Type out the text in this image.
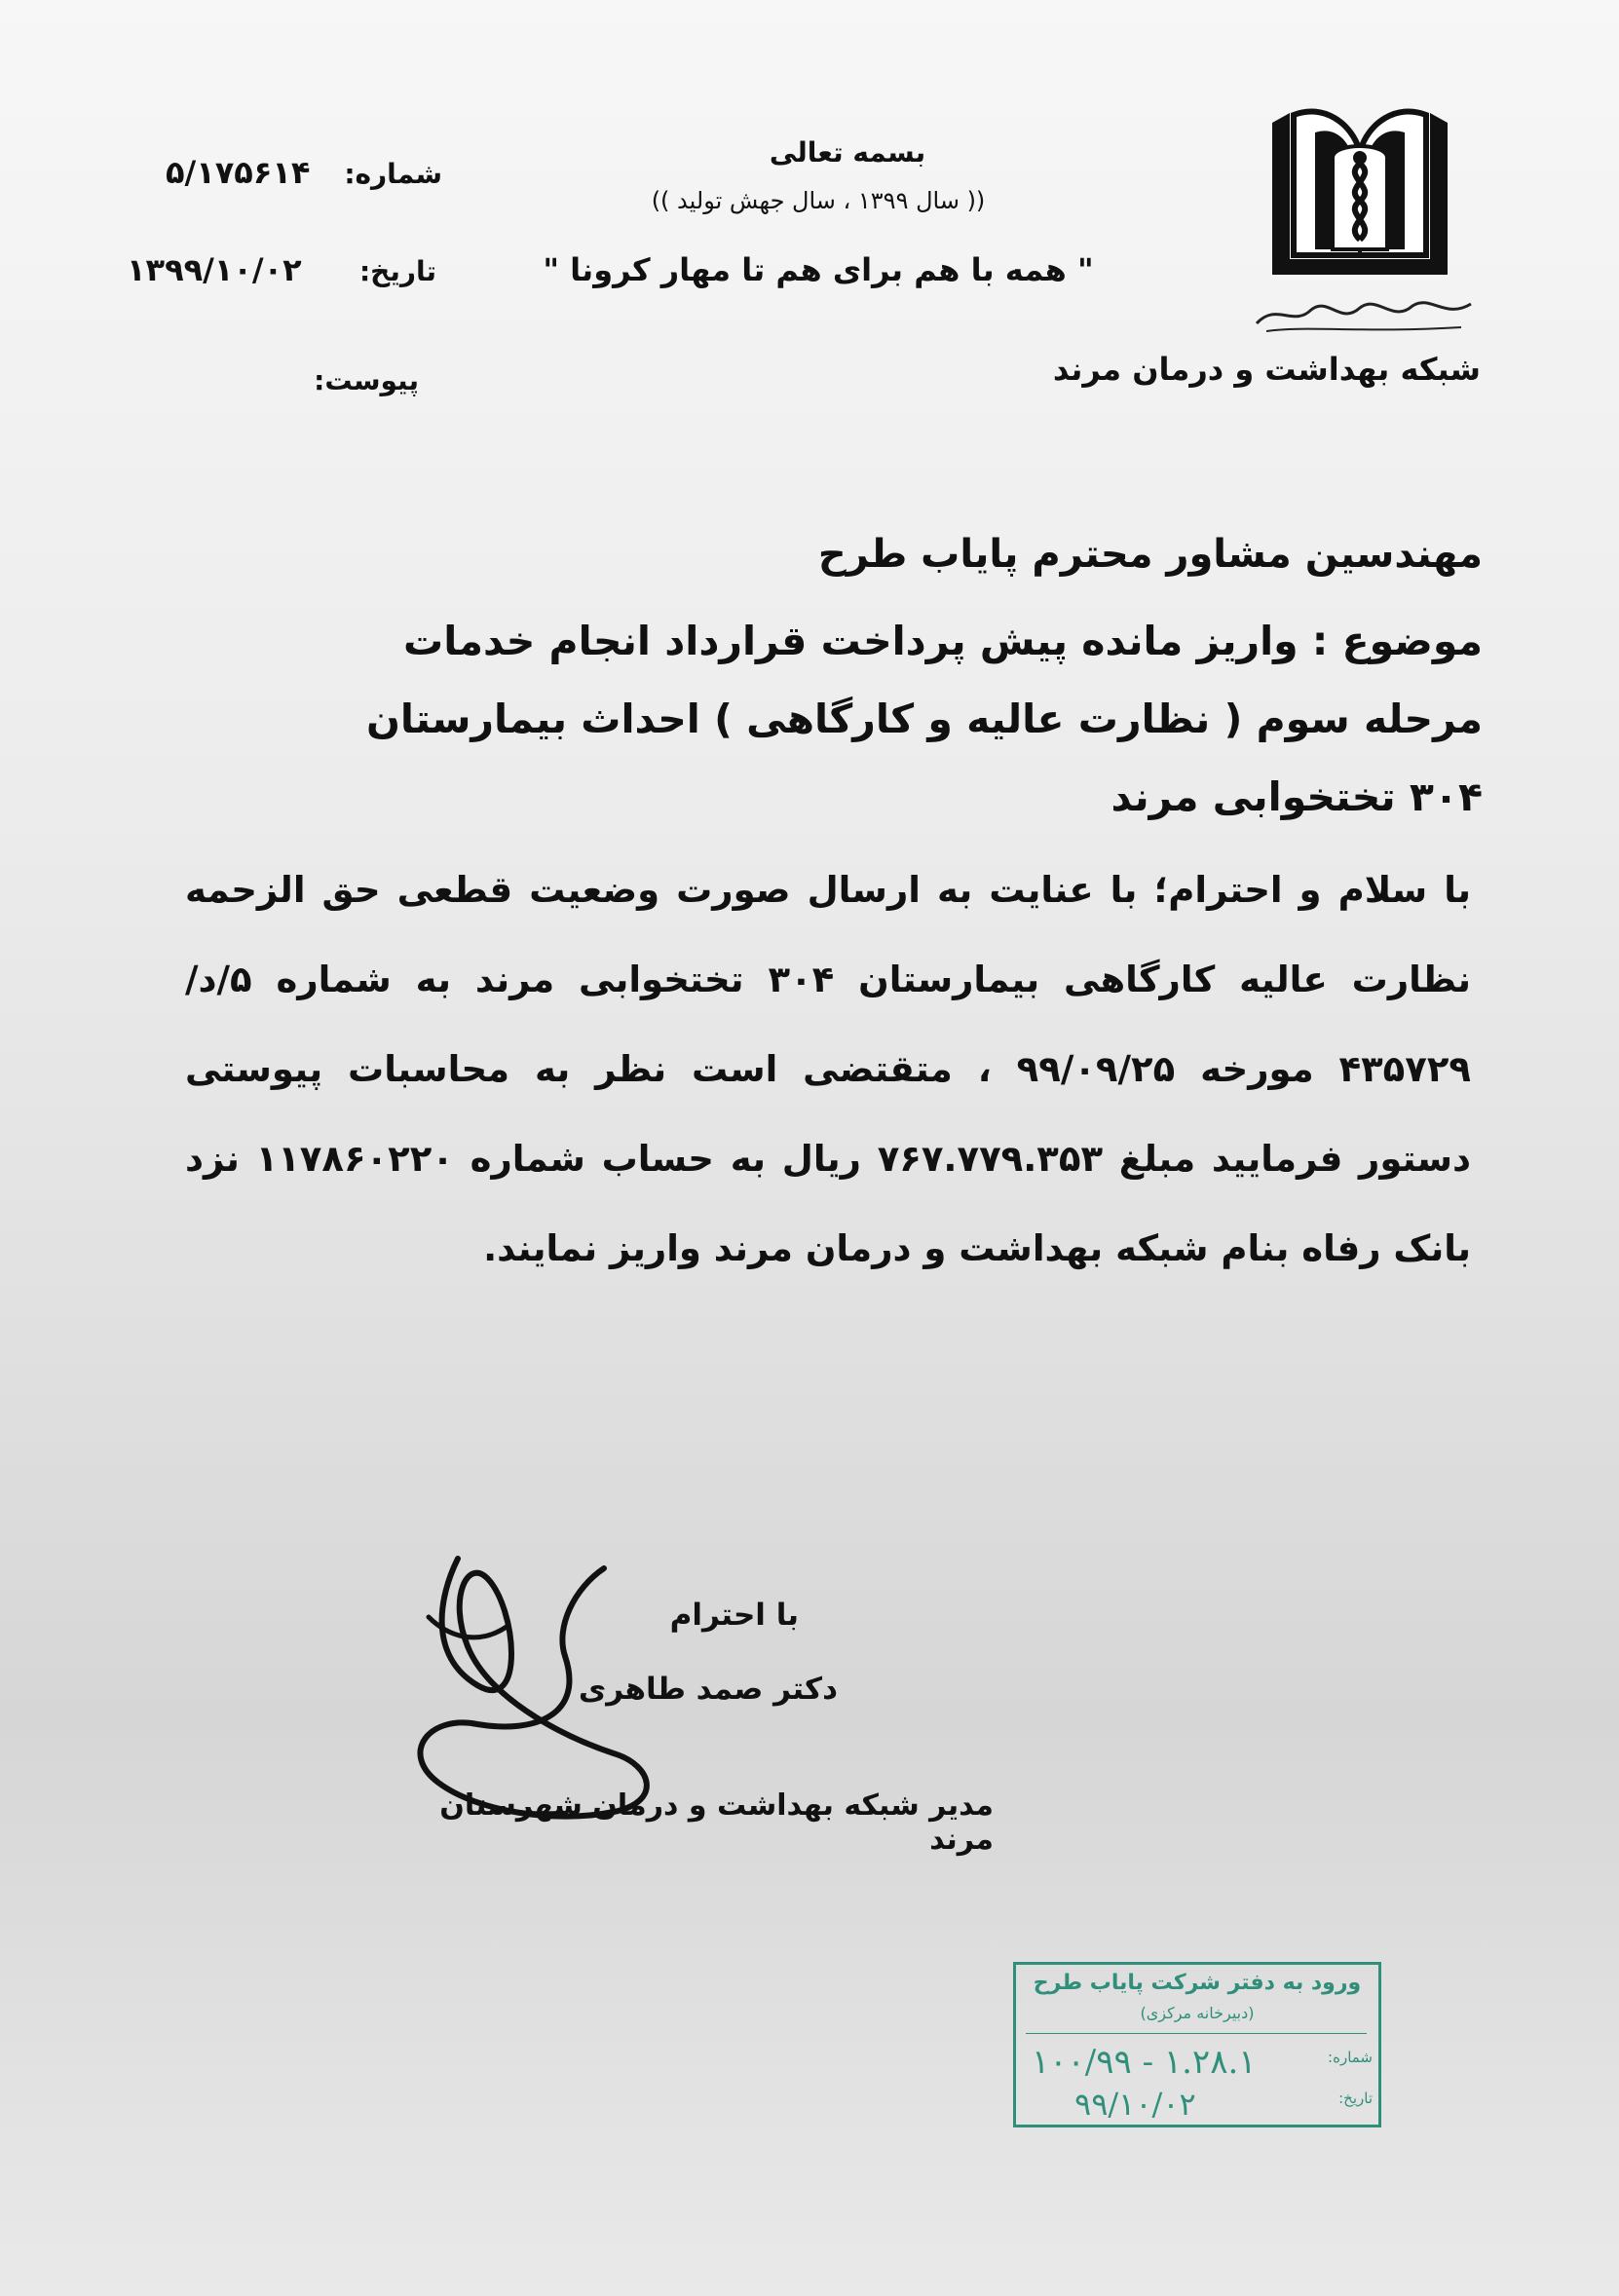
بسمه تعالی
(( سال ۱۳۹۹ ، سال جهش تولید ))
" همه با هم برای هم تا مهار کرونا "
شبکه بهداشت و درمان مرند
شماره:
۵/۱۷۵۶۱۴
تاریخ:
۱۳۹۹/۱۰/۰۲
پیوست:
مهندسین مشاور محترم پایاب طرح
موضوع : واریز مانده پیش پرداخت قرارداد انجام خدمات مرحله سوم ( نظارت عالیه و کارگاهی ) احداث بیمارستان ۳۰۴ تختخوابی مرند
با سلام و احترام؛ با عنایت به ارسال صورت وضعیت قطعی حق الزحمه نظارت عالیه کارگاهی بیمارستان ۳۰۴ تختخوابی مرند به شماره ۵/د/۴۳۵۷۲۹ مورخه ۹۹/۰۹/۲۵ ، متقتضی است نظر به محاسبات پیوستی دستور فرمایید مبلغ ۷۶۷.۷۷۹.۳۵۳ ریال به حساب شماره ۱۱۷۸۶۰۲۲۰ نزد بانک رفاه بنام شبکه بهداشت و درمان مرند واریز نمایند.
با احترام
دکتر صمد طاهری
مدیر شبکه بهداشت و درمان شهرستان مرند
ورود به دفتر شرکت پایاب طرح
(دبیرخانه مرکزی)
شماره:
۱۰۰/۹۹ - ۱.۲۸.۱
تاریخ:
۹۹/۱۰/۰۲
